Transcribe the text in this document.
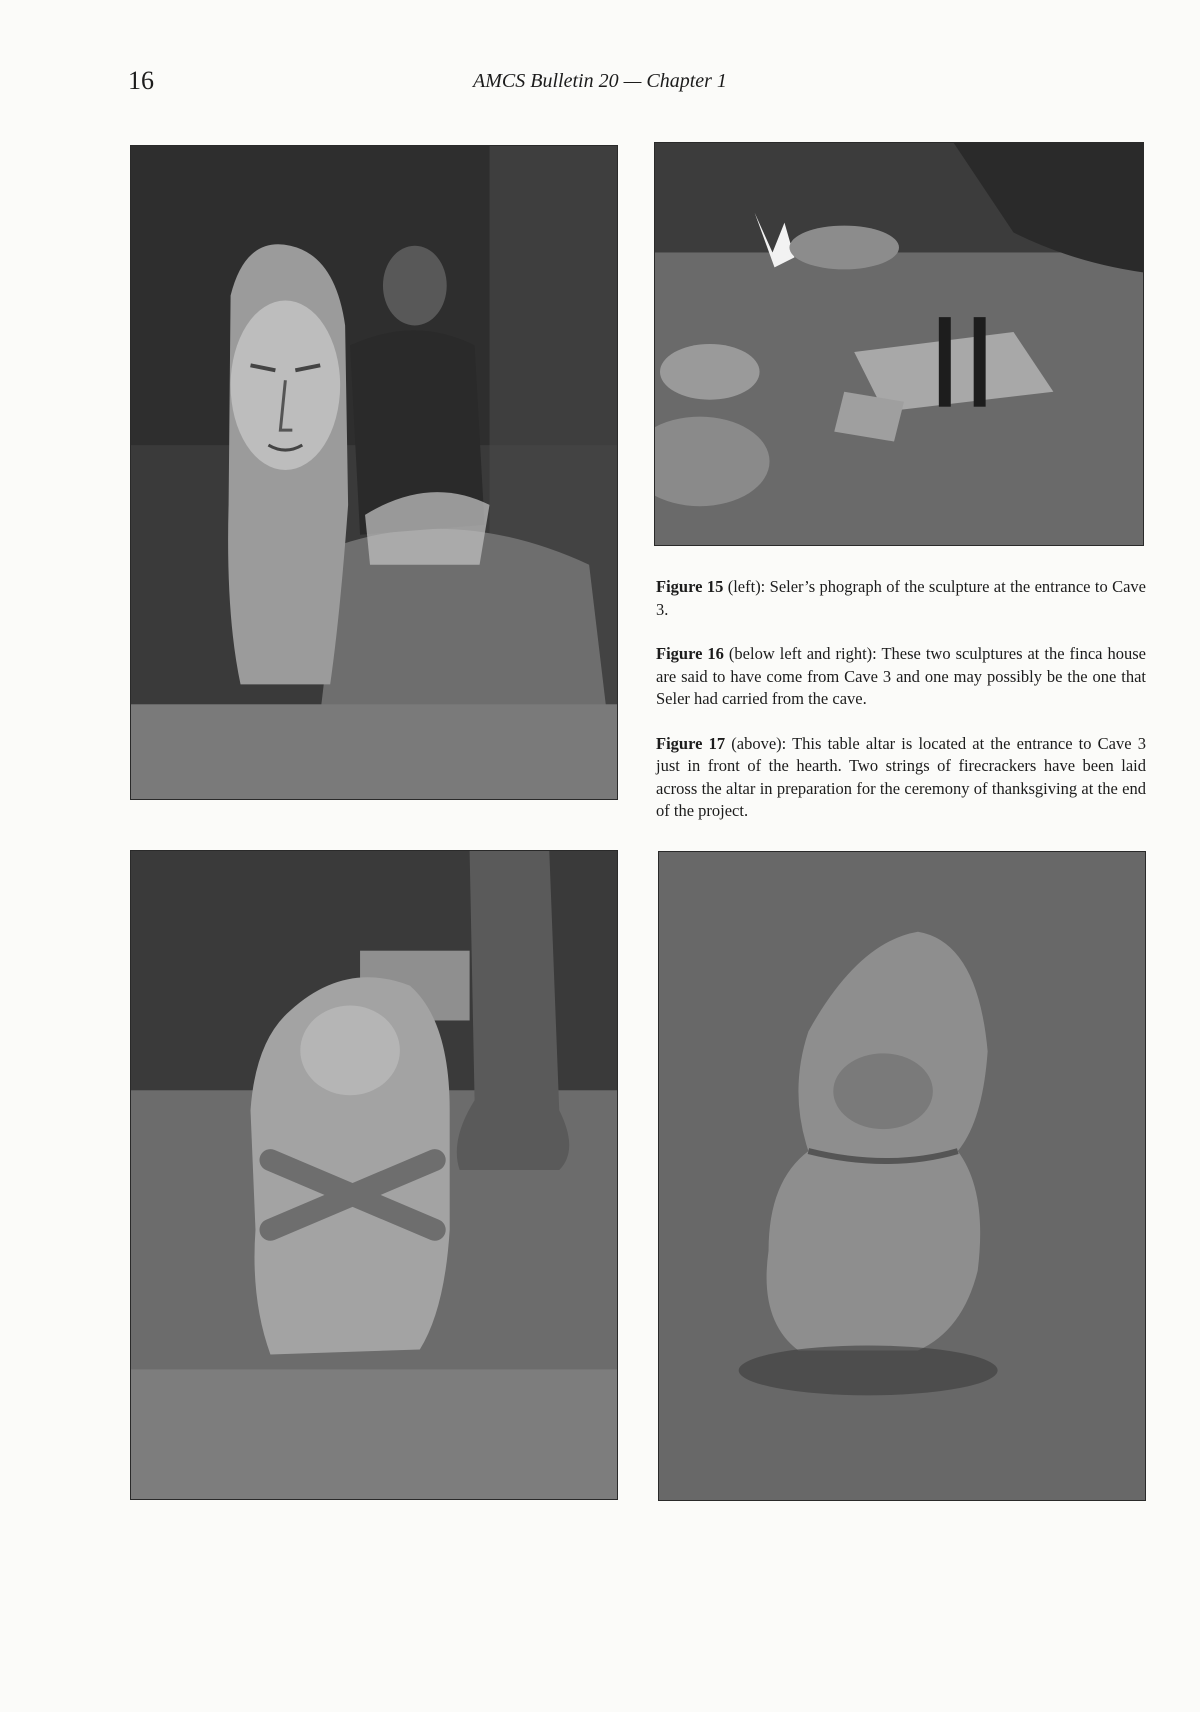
16	AMCS Bulletin 20 — Chapter 1

Figure 15 (left): Seler’s phograph of the sculpture at the entrance to Cave 3.

Figure 16 (below left and right): These two sculptures at the finca house are said to have come from Cave 3 and one may possibly be the one that Seler had carried from the cave.

Figure 17 (above): This table altar is located at the entrance to Cave 3 just in front of the hearth. Two strings of firecrackers have been laid across the altar in preparation for the ceremony of thanksgiving at the end of the project.
